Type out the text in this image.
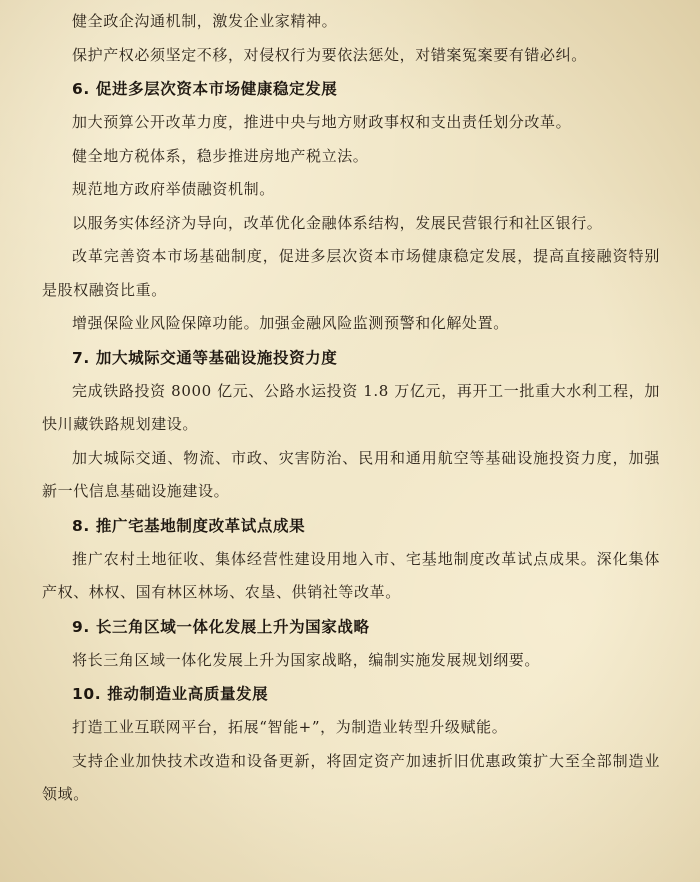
健全政企沟通机制，激发企业家精神。

保护产权必须坚定不移，对侵权行为要依法惩处，对错案冤案要有错必纠。

6. 促进多层次资本市场健康稳定发展

加大预算公开改革力度，推进中央与地方财政事权和支出责任划分改革。

健全地方税体系，稳步推进房地产税立法。

规范地方政府举债融资机制。

以服务实体经济为导向，改革优化金融体系结构，发展民营银行和社区银行。

改革完善资本市场基础制度，促进多层次资本市场健康稳定发展，提高直接融资特别是股权融资比重。

增强保险业风险保障功能。加强金融风险监测预警和化解处置。

7. 加大城际交通等基础设施投资力度

完成铁路投资 8000 亿元、公路水运投资 1.8 万亿元，再开工一批重大水利工程，加快川藏铁路规划建设。

加大城际交通、物流、市政、灾害防治、民用和通用航空等基础设施投资力度，加强新一代信息基础设施建设。

8. 推广宅基地制度改革试点成果

推广农村土地征收、集体经营性建设用地入市、宅基地制度改革试点成果。深化集体产权、林权、国有林区林场、农垦、供销社等改革。

9. 长三角区域一体化发展上升为国家战略

将长三角区域一体化发展上升为国家战略，编制实施发展规划纲要。

10. 推动制造业高质量发展

打造工业互联网平台，拓展“智能+”，为制造业转型升级赋能。

支持企业加快技术改造和设备更新，将固定资产加速折旧优惠政策扩大至全部制造业领域。
